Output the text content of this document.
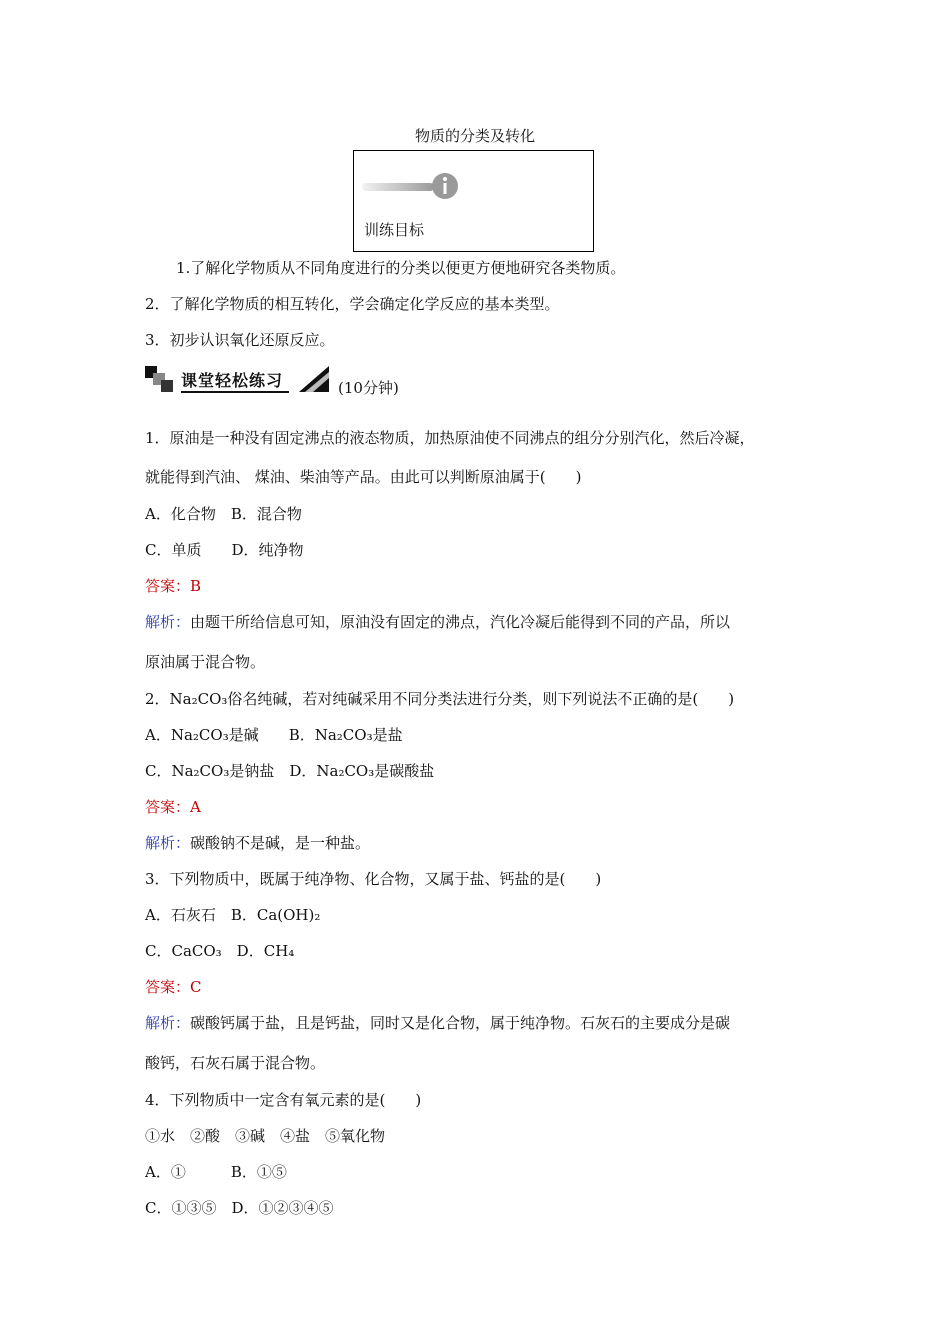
物质的分类及转化
训练目标
1.了解化学物质从不同角度进行的分类以便更方便地研究各类物质。
2．了解化学物质的相互转化，学会确定化学反应的基本类型。
3．初步认识氧化还原反应。
课堂轻松练习	(10分钟)
1．原油是一种没有固定沸点的液态物质，加热原油使不同沸点的组分分别汽化，然后冷凝，
就能得到汽油、 煤油、柴油等产品。由此可以判断原油属于(　　)
A．化合物　B．混合物
C．单质　　D．纯净物
答案：B
解析：由题干所给信息可知，原油没有固定的沸点，汽化冷凝后能得到不同的产品，所以
原油属于混合物。
2．Na₂CO₃俗名纯碱，若对纯碱采用不同分类法进行分类，则下列说法不正确的是(　　)
A．Na₂CO₃是碱　　B．Na₂CO₃是盐
C．Na₂CO₃是钠盐　D．Na₂CO₃是碳酸盐
答案：A
解析：碳酸钠不是碱，是一种盐。
3．下列物质中，既属于纯净物、化合物，又属于盐、钙盐的是(　　)
A．石灰石　B．Ca(OH)₂
C．CaCO₃　D．CH₄
答案：C
解析：碳酸钙属于盐，且是钙盐，同时又是化合物，属于纯净物。石灰石的主要成分是碳
酸钙，石灰石属于混合物。
4．下列物质中一定含有氧元素的是(　　)
①水　②酸　③碱　④盐　⑤氧化物
A．①　　　B．①⑤
C．①③⑤　D．①②③④⑤
